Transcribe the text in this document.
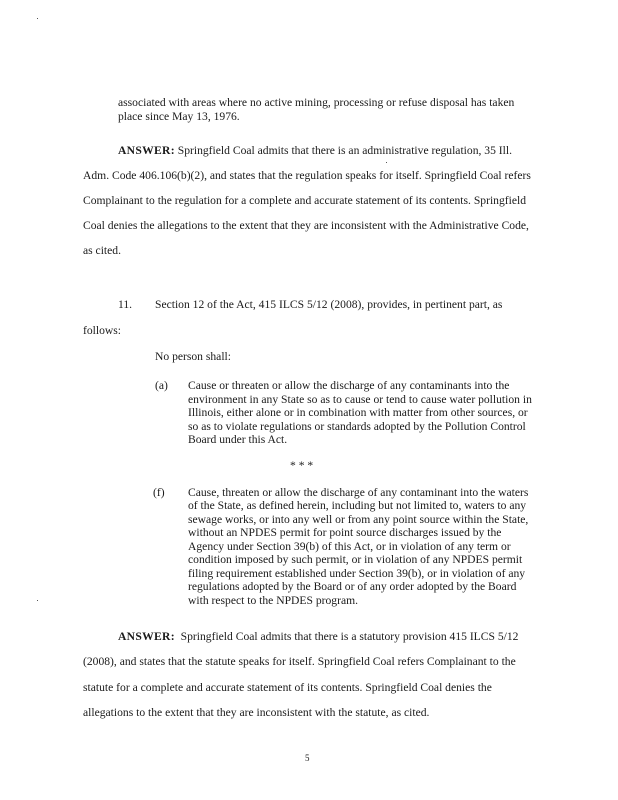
associated with areas where no active mining, processing or refuse disposal has taken
place since May 13, 1976.
ANSWER: Springfield Coal admits that there is an administrative regulation, 35 Ill.
Adm. Code 406.106(b)(2), and states that the regulation speaks for itself. Springfield Coal refers
Complainant to the regulation for a complete and accurate statement of its contents. Springfield
Coal denies the allegations to the extent that they are inconsistent with the Administrative Code,
as cited.
11. Section 12 of the Act, 415 ILCS 5/12 (2008), provides, in pertinent part, as
follows:
No person shall:
(a) Cause or threaten or allow the discharge of any contaminants into the
environment in any State so as to cause or tend to cause water pollution in
Illinois, either alone or in combination with matter from other sources, or
so as to violate regulations or standards adopted by the Pollution Control
Board under this Act.
* * *
(f) Cause, threaten or allow the discharge of any contaminant into the waters
of the State, as defined herein, including but not limited to, waters to any
sewage works, or into any well or from any point source within the State,
without an NPDES permit for point source discharges issued by the
Agency under Section 39(b) of this Act, or in violation of any term or
condition imposed by such permit, or in violation of any NPDES permit
filing requirement established under Section 39(b), or in violation of any
regulations adopted by the Board or of any order adopted by the Board
with respect to the NPDES program.
ANSWER: Springfield Coal admits that there is a statutory provision 415 ILCS 5/12
(2008), and states that the statute speaks for itself. Springfield Coal refers Complainant to the
statute for a complete and accurate statement of its contents. Springfield Coal denies the
allegations to the extent that they are inconsistent with the statute, as cited.
5
